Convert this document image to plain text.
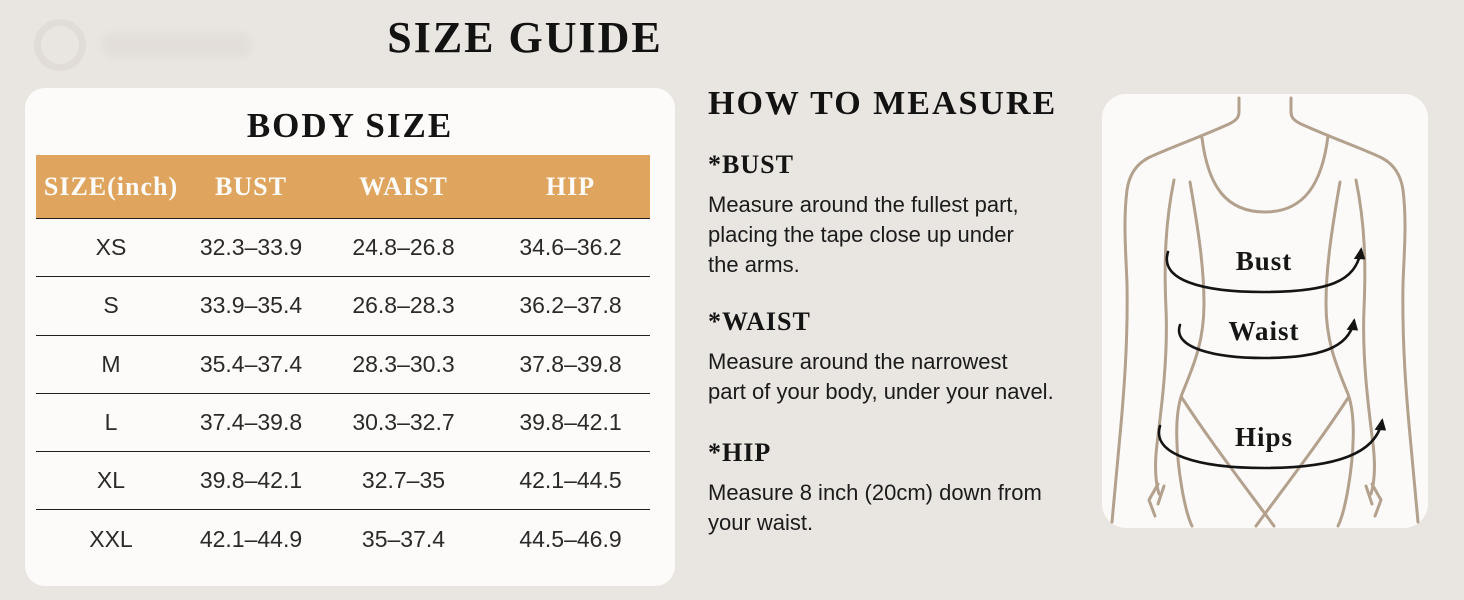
SIZE GUIDE
BODY SIZE
SIZE(inch)	BUST	WAIST	HIP
XS	32.3–33.9	24.8–26.8	34.6–36.2
S	33.9–35.4	26.8–28.3	36.2–37.8
M	35.4–37.4	28.3–30.3	37.8–39.8
L	37.4–39.8	30.3–32.7	39.8–42.1
XL	39.8–42.1	32.7–35	42.1–44.5
XXL	42.1–44.9	35–37.4	44.5–46.9
HOW TO MEASURE
*BUST
Measure around the fullest part,
placing the tape close up under
the arms.
*WAIST
Measure around the narrowest
part of your body, under your navel.
*HIP
Measure 8 inch (20cm) down from
your waist.
Bust
Waist
Hips
